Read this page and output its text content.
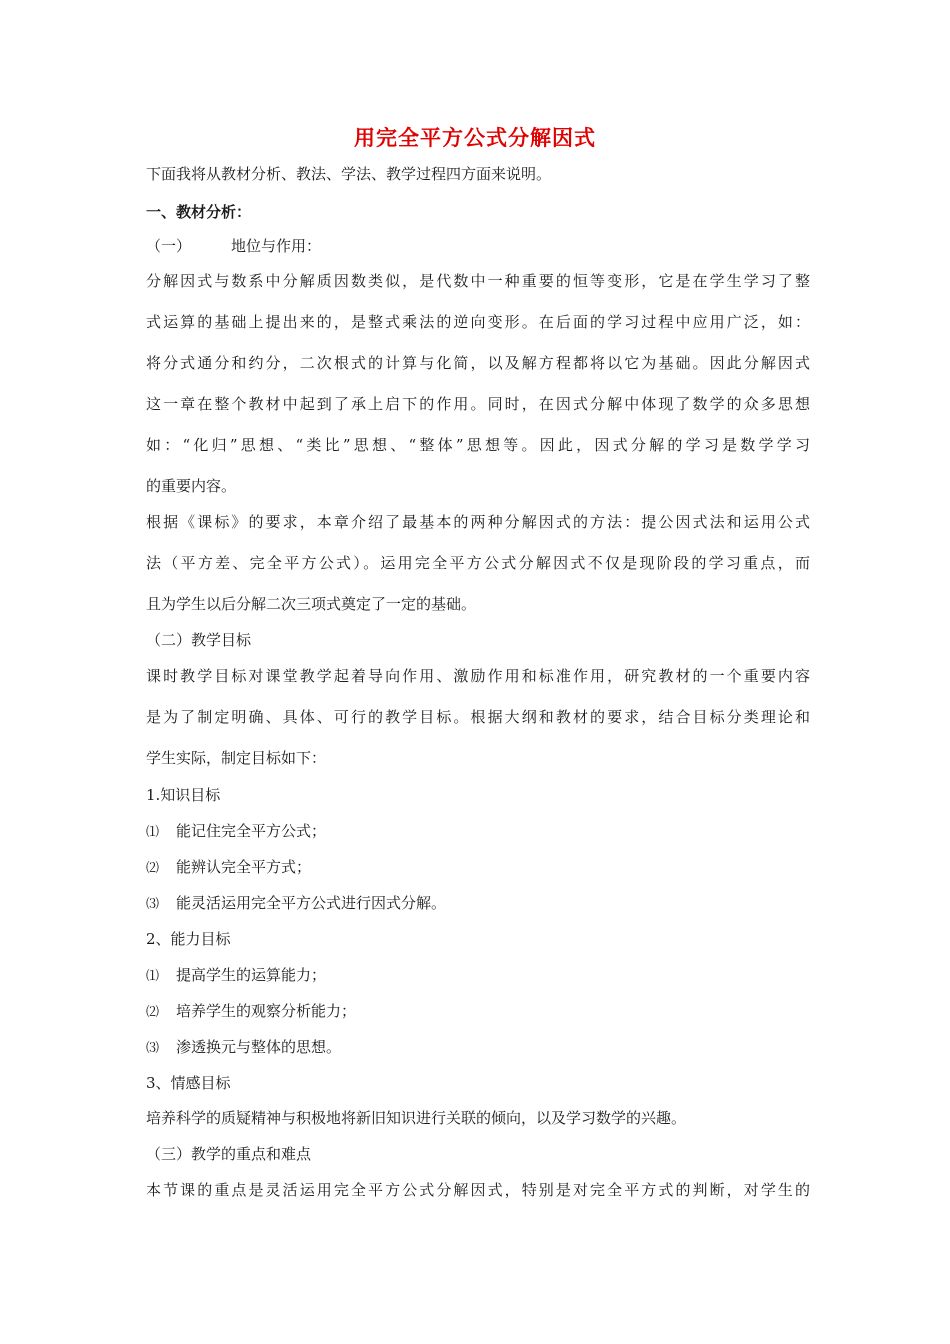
用完全平方公式分解因式
下面我将从教材分析、教法、学法、教学过程四方面来说明。
一、教材分析：
（一）	地位与作用：
分解因式与数系中分解质因数类似，是代数中一种重要的恒等变形，它是在学生学习了整
式运算的基础上提出来的，是整式乘法的逆向变形。在后面的学习过程中应用广泛，如：
将分式通分和约分，二次根式的计算与化简，以及解方程都将以它为基础。因此分解因式
这一章在整个教材中起到了承上启下的作用。同时，在因式分解中体现了数学的众多思想
如：“化归”思想、“类比”思想、“整体”思想等。因此，因式分解的学习是数学学习
的重要内容。
根据《课标》的要求，本章介绍了最基本的两种分解因式的方法：提公因式法和运用公式
法（平方差、完全平方公式）。运用完全平方公式分解因式不仅是现阶段的学习重点，而
且为学生以后分解二次三项式奠定了一定的基础。
（二）教学目标
课时教学目标对课堂教学起着导向作用、激励作用和标准作用，研究教材的一个重要内容
是为了制定明确、具体、可行的教学目标。根据大纲和教材的要求，结合目标分类理论和
学生实际，制定目标如下：
1.知识目标
⑴ 能记住完全平方公式；
⑵ 能辨认完全平方式；
⑶ 能灵活运用完全平方公式进行因式分解。
2、能力目标
⑴ 提高学生的运算能力；
⑵ 培养学生的观察分析能力；
⑶ 渗透换元与整体的思想。
3、情感目标
培养科学的质疑精神与积极地将新旧知识进行关联的倾向，以及学习数学的兴趣。
（三）教学的重点和难点
本节课的重点是灵活运用完全平方公式分解因式，特别是对完全平方式的判断，对学生的
